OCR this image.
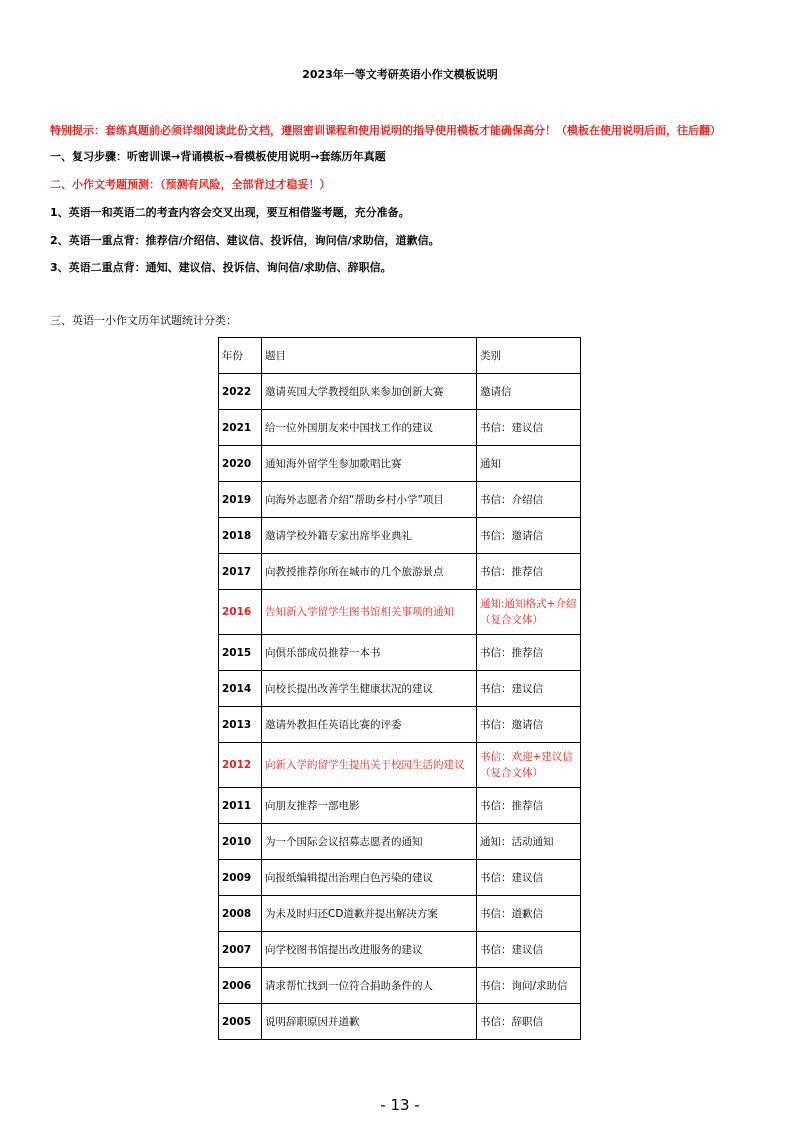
2023年一等文考研英语小作文模板说明
特别提示：套练真题前必须详细阅读此份文档，遵照密训课程和使用说明的指导使用模板才能确保高分！（模板在使用说明后面，往后翻）
一、复习步骤：听密训课→背诵模板→看模板使用说明→套练历年真题
二、小作文考题预测：（预测有风险，全部背过才稳妥！）
1、英语一和英语二的考查内容会交叉出现，要互相借鉴考题，充分准备。
2、英语一重点背：推荐信/介绍信、建议信、投诉信，询问信/求助信，道歉信。
3、英语二重点背：通知、建议信、投诉信、询问信/求助信、辞职信。
三、英语一小作文历年试题统计分类：
年份	题目	类别
2022	邀请英国大学教授组队来参加创新大赛	邀请信
2021	给一位外国朋友来中国找工作的建议	书信：建议信
2020	通知海外留学生参加歌唱比赛	通知
2019	向海外志愿者介绍“帮助乡村小学”项目	书信：介绍信
2018	邀请学校外籍专家出席毕业典礼	书信：邀请信
2017	向教授推荐你所在城市的几个旅游景点	书信：推荐信
2016	告知新入学留学生图书馆相关事项的通知	通知:通知格式+介绍（复合文体）
2015	向俱乐部成员推荐一本书	书信：推荐信
2014	向校长提出改善学生健康状况的建议	书信：建议信
2013	邀请外教担任英语比赛的评委	书信：邀请信
2012	向新入学的留学生提出关于校园生活的建议	书信：欢迎+建议信（复合文体）
2011	向朋友推荐一部电影	书信：推荐信
2010	为一个国际会议招募志愿者的通知	通知：活动通知
2009	向报纸编辑提出治理白色污染的建议	书信：建议信
2008	为未及时归还CD道歉并提出解决方案	书信：道歉信
2007	向学校图书馆提出改进服务的建议	书信：建议信
2006	请求帮忙找到一位符合捐助条件的人	书信：询问/求助信
2005	说明辞职原因并道歉	书信：辞职信
- 13 -
